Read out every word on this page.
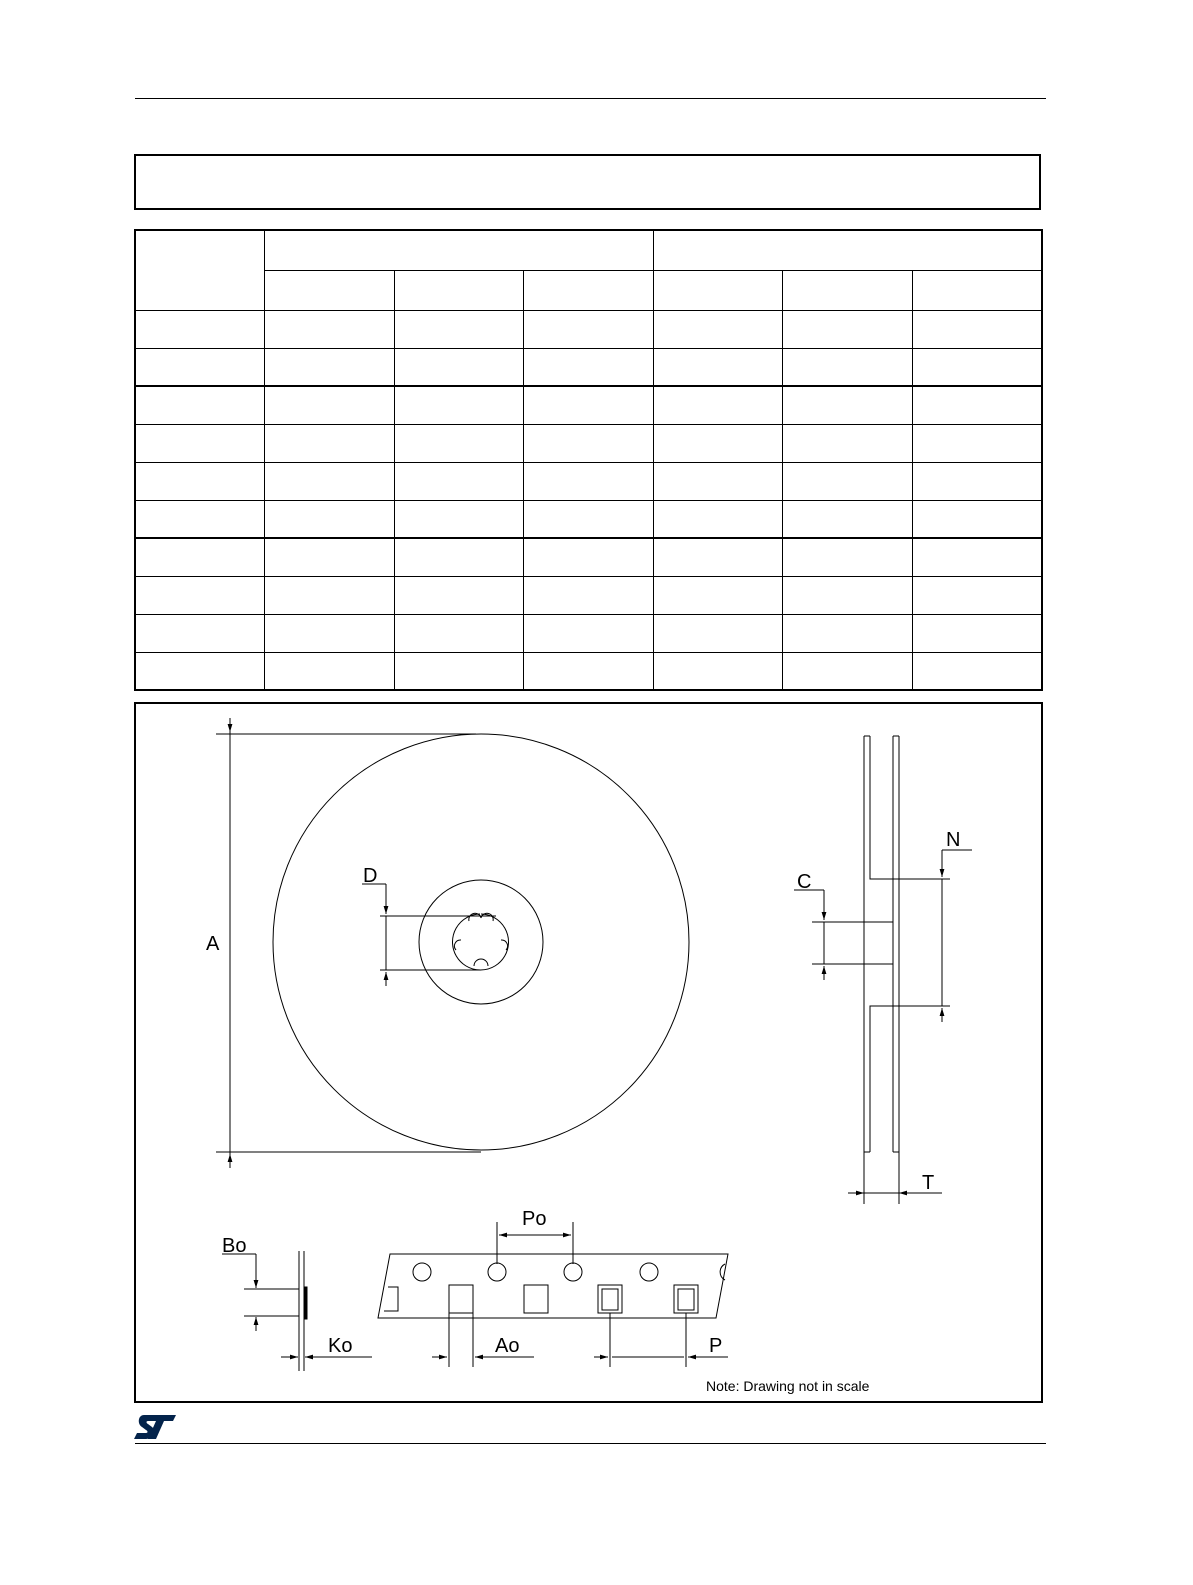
A
D	C
N
T
Bo
Ko	Ao	P
Po
Note: Drawing not in scale
